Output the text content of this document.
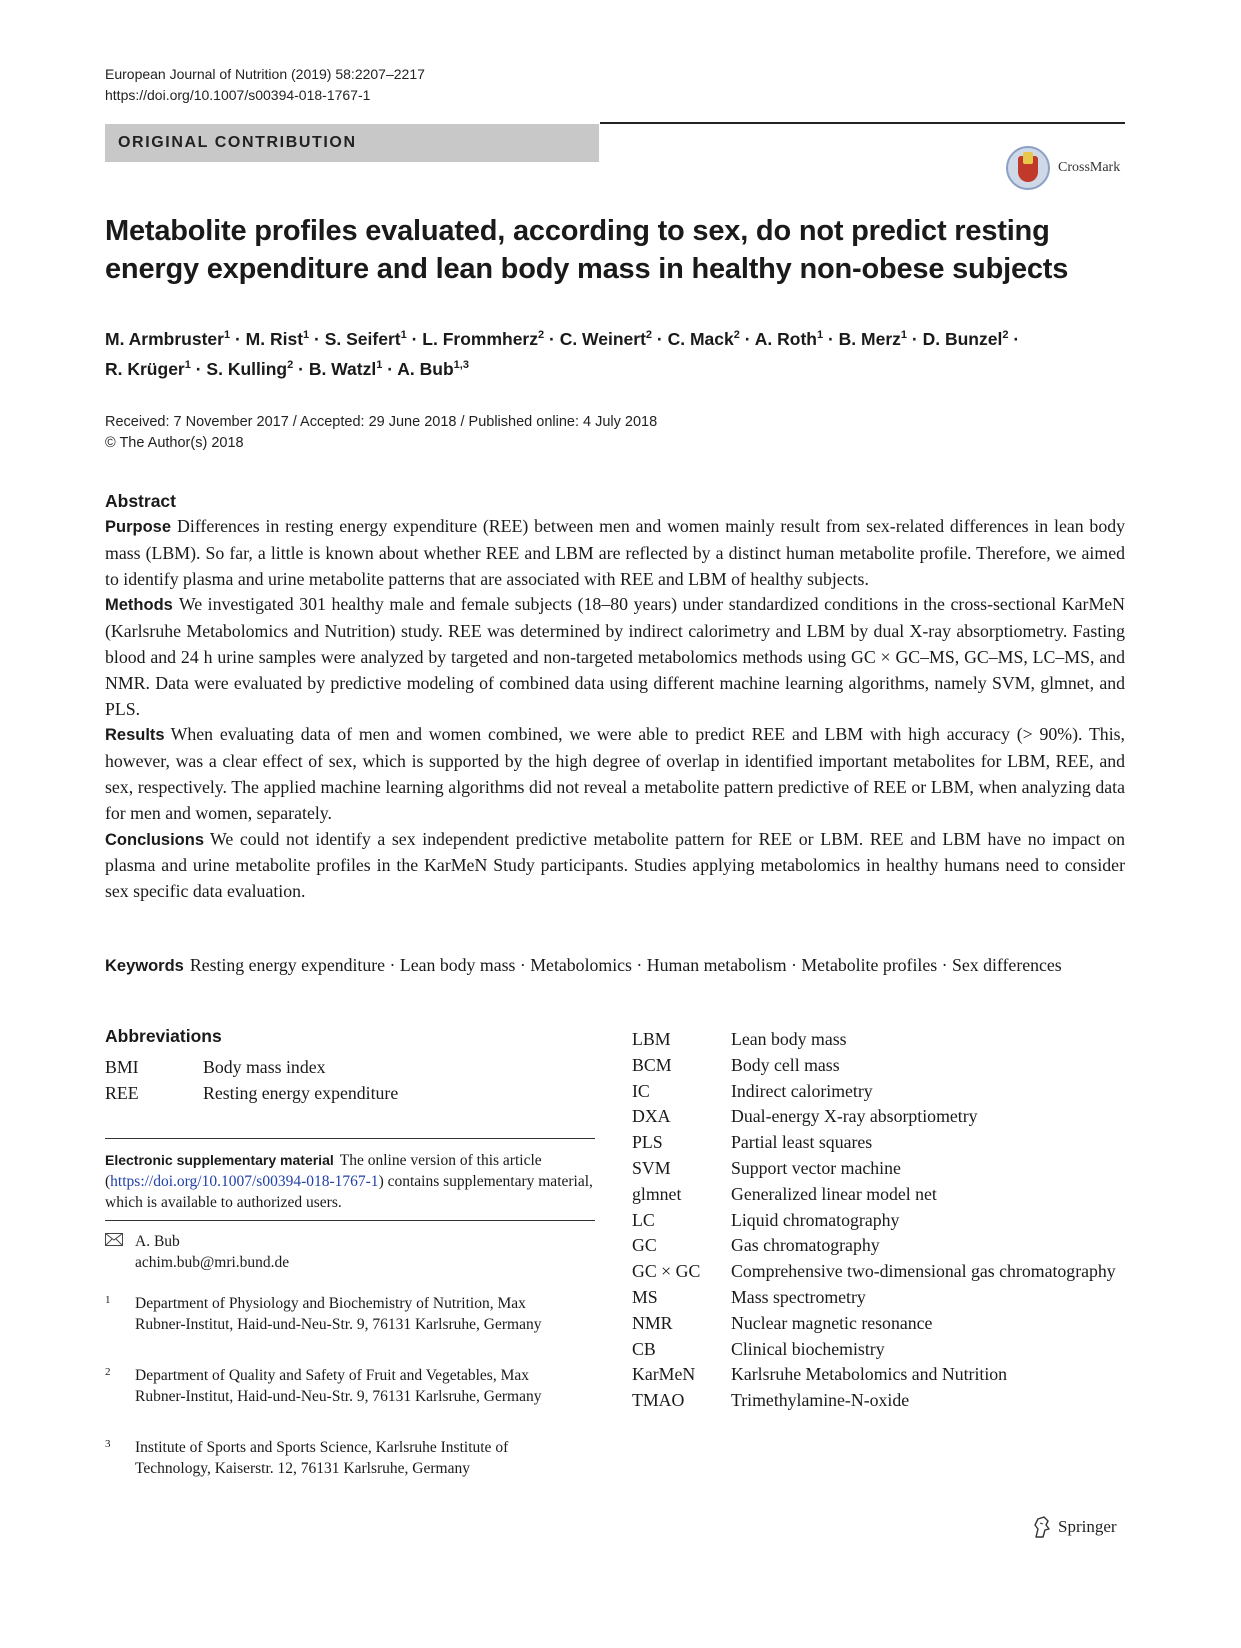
European Journal of Nutrition (2019) 58:2207–2217
https://doi.org/10.1007/s00394-018-1767-1
ORIGINAL CONTRIBUTION
CrossMark
Metabolite profiles evaluated, according to sex, do not predict resting energy expenditure and lean body mass in healthy non-obese subjects
M. Armbruster$^1$ · M. Rist$^1$ · S. Seifert$^1$ · L. Frommherz$^2$ · C. Weinert$^2$ · C. Mack$^2$ · A. Roth$^1$ · B. Merz$^1$ · D. Bunzel$^2$ ·
R. Krüger$^1$ · S. Kulling$^2$ · B. Watzl$^1$ · A. Bub$^{1,3}$
Received: 7 November 2017 / Accepted: 29 June 2018 / Published online: 4 July 2018
© The Author(s) 2018
Abstract

Purpose Differences in resting energy expenditure (REE) between men and women mainly result from sex-related differences in lean body mass (LBM). So far, a little is known about whether REE and LBM are reflected by a distinct human metabolite profile. Therefore, we aimed to identify plasma and urine metabolite patterns that are associated with REE and LBM of healthy subjects.

Methods We investigated 301 healthy male and female subjects (18–80 years) under standardized conditions in the cross-sectional KarMeN (Karlsruhe Metabolomics and Nutrition) study. REE was determined by indirect calorimetry and LBM by dual X-ray absorptiometry. Fasting blood and 24 h urine samples were analyzed by targeted and non-targeted metabolomics methods using GC × GC–MS, GC–MS, LC–MS, and NMR. Data were evaluated by predictive modeling of combined data using different machine learning algorithms, namely SVM, glmnet, and PLS.

Results When evaluating data of men and women combined, we were able to predict REE and LBM with high accuracy (> 90%). This, however, was a clear effect of sex, which is supported by the high degree of overlap in identified important metabolites for LBM, REE, and sex, respectively. The applied machine learning algorithms did not reveal a metabolite pattern predictive of REE or LBM, when analyzing data for men and women, separately.

Conclusions We could not identify a sex independent predictive metabolite pattern for REE or LBM. REE and LBM have no impact on plasma and urine metabolite profiles in the KarMeN Study participants. Studies applying metabolomics in healthy humans need to consider sex specific data evaluation.

Keywords Resting energy expenditure · Lean body mass · Metabolomics · Human metabolism · Metabolite profiles · Sex differences
Abbreviations
BMI	Body mass index
REE	Resting energy expenditure
Electronic supplementary material The online version of this article (https://doi.org/10.1007/s00394-018-1767-1) contains supplementary material, which is available to authorized users.
A. Bub
achim.bub@mri.bund.de
1 Department of Physiology and Biochemistry of Nutrition, Max Rubner-Institut, Haid-und-Neu-Str. 9, 76131 Karlsruhe, Germany
2 Department of Quality and Safety of Fruit and Vegetables, Max Rubner-Institut, Haid-und-Neu-Str. 9, 76131 Karlsruhe, Germany
3 Institute of Sports and Sports Science, Karlsruhe Institute of Technology, Kaiserstr. 12, 76131 Karlsruhe, Germany
LBM	Lean body mass
BCM	Body cell mass
IC	Indirect calorimetry
DXA	Dual-energy X-ray absorptiometry
PLS	Partial least squares
SVM	Support vector machine
glmnet	Generalized linear model net
LC	Liquid chromatography
GC	Gas chromatography
GC × GC Comprehensive two-dimensional gas chromatography
MS	Mass spectrometry
NMR	Nuclear magnetic resonance
CB	Clinical biochemistry
KarMeN Karlsruhe Metabolomics and Nutrition
TMAO	Trimethylamine-N-oxide
Springer
